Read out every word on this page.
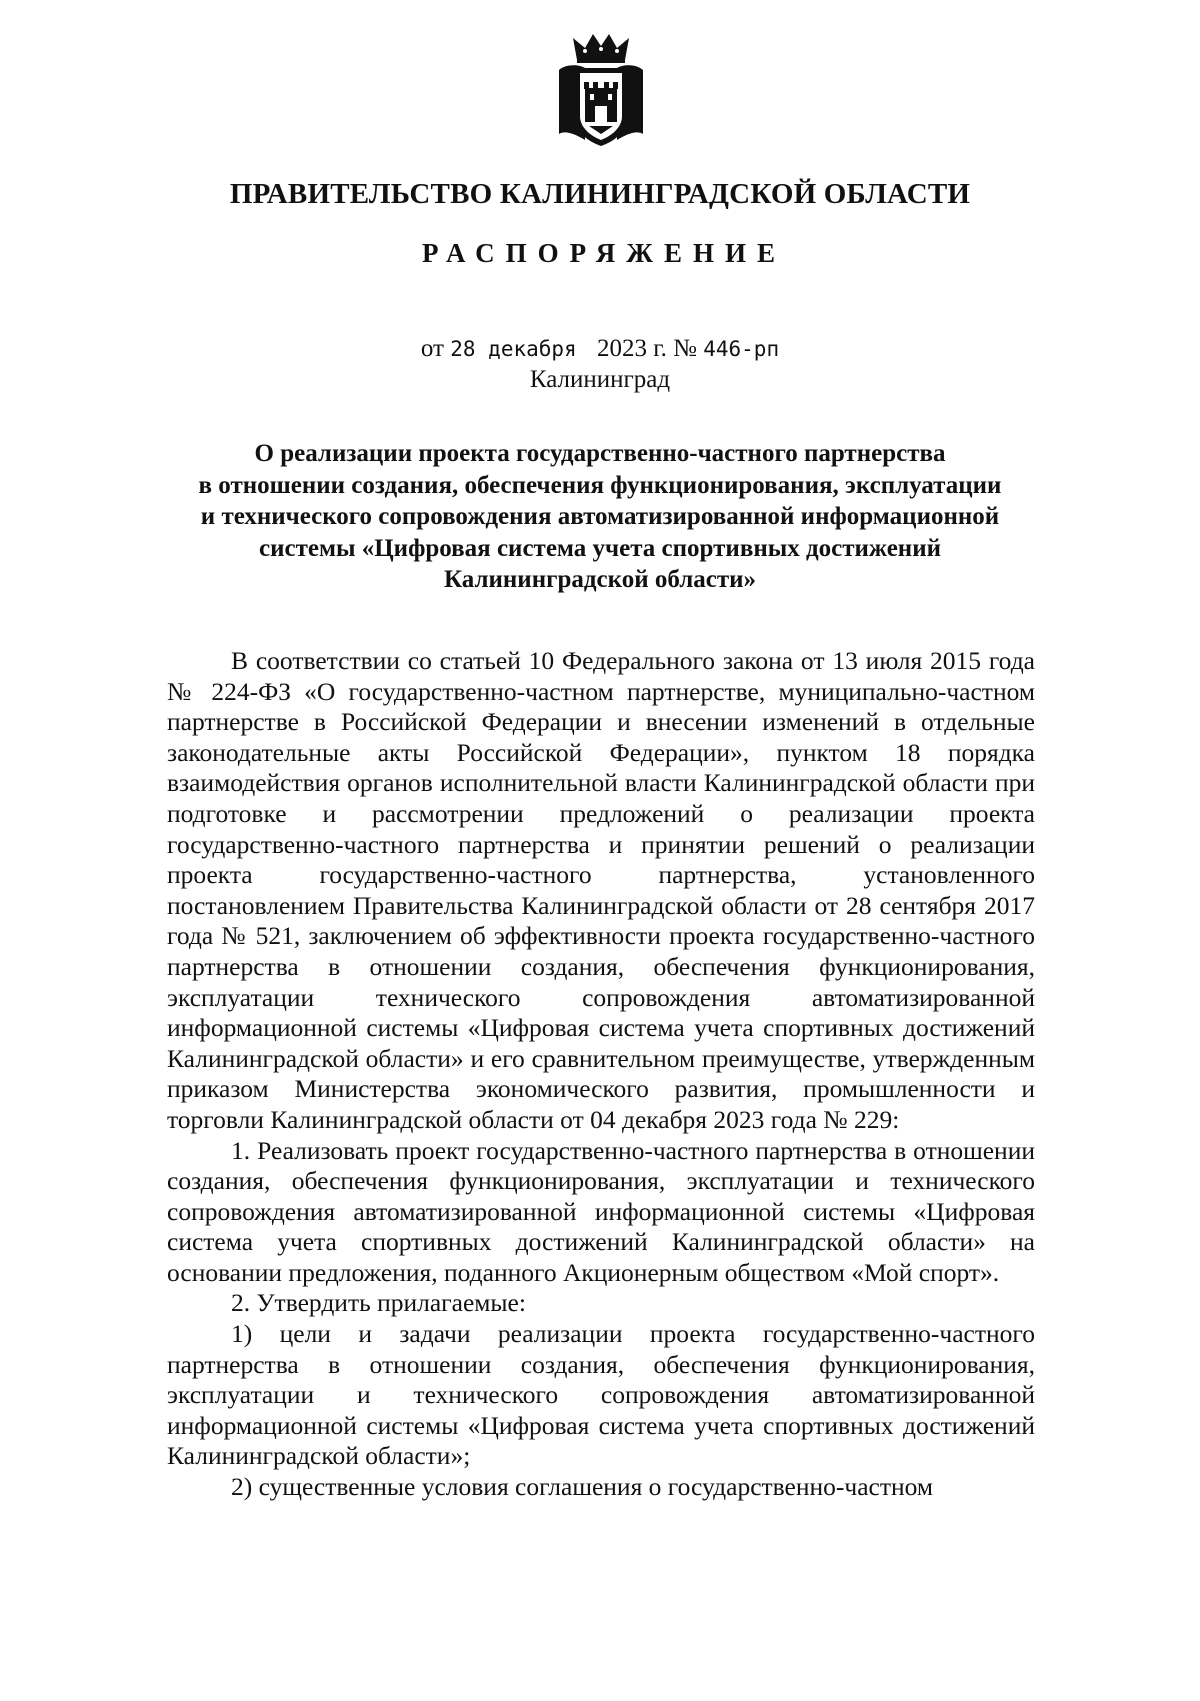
ПРАВИТЕЛЬСТВО КАЛИНИНГРАДСКОЙ ОБЛАСТИ
РАСПОРЯЖЕНИЕ
от 28 декабря 2023 г. № 446-рп
Калининград
О реализации проекта государственно-частного партнерства
в отношении создания, обеспечения функционирования, эксплуатации
и технического сопровождения автоматизированной информационной
системы «Цифровая система учета спортивных достижений
Калининградской области»

В соответствии со статьей 10 Федерального закона от 13 июля 2015 года № 224-ФЗ «О государственно-частном партнерстве, муниципально-частном партнерстве в Российской Федерации и внесении изменений в отдельные законодательные акты Российской Федерации», пунктом 18 порядка взаимодействия органов исполнительной власти Калининградской области при подготовке и рассмотрении предложений о реализации проекта государственно-частного партнерства и принятии решений о реализации проекта государственно-частного партнерства, установленного постановлением Правительства Калининградской области от 28 сентября 2017 года № 521, заключением об эффективности проекта государственно-частного партнерства в отношении создания, обеспечения функционирования, эксплуатации технического сопровождения автоматизированной информационной системы «Цифровая система учета спортивных достижений Калининградской области» и его сравнительном преимуществе, утвержденным приказом Министерства экономического развития, промышленности и торговли Калининградской области от 04 декабря 2023 года № 229:

1. Реализовать проект государственно-частного партнерства в отношении создания, обеспечения функционирования, эксплуатации и технического сопровождения автоматизированной информационной системы «Цифровая система учета спортивных достижений Калининградской области» на основании предложения, поданного Акционерным обществом «Мой спорт».

2. Утвердить прилагаемые:

1) цели и задачи реализации проекта государственно-частного партнерства в отношении создания, обеспечения функционирования, эксплуатации и технического сопровождения автоматизированной информационной системы «Цифровая система учета спортивных достижений Калининградской области»;

2) существенные условия соглашения о государственно-частном
